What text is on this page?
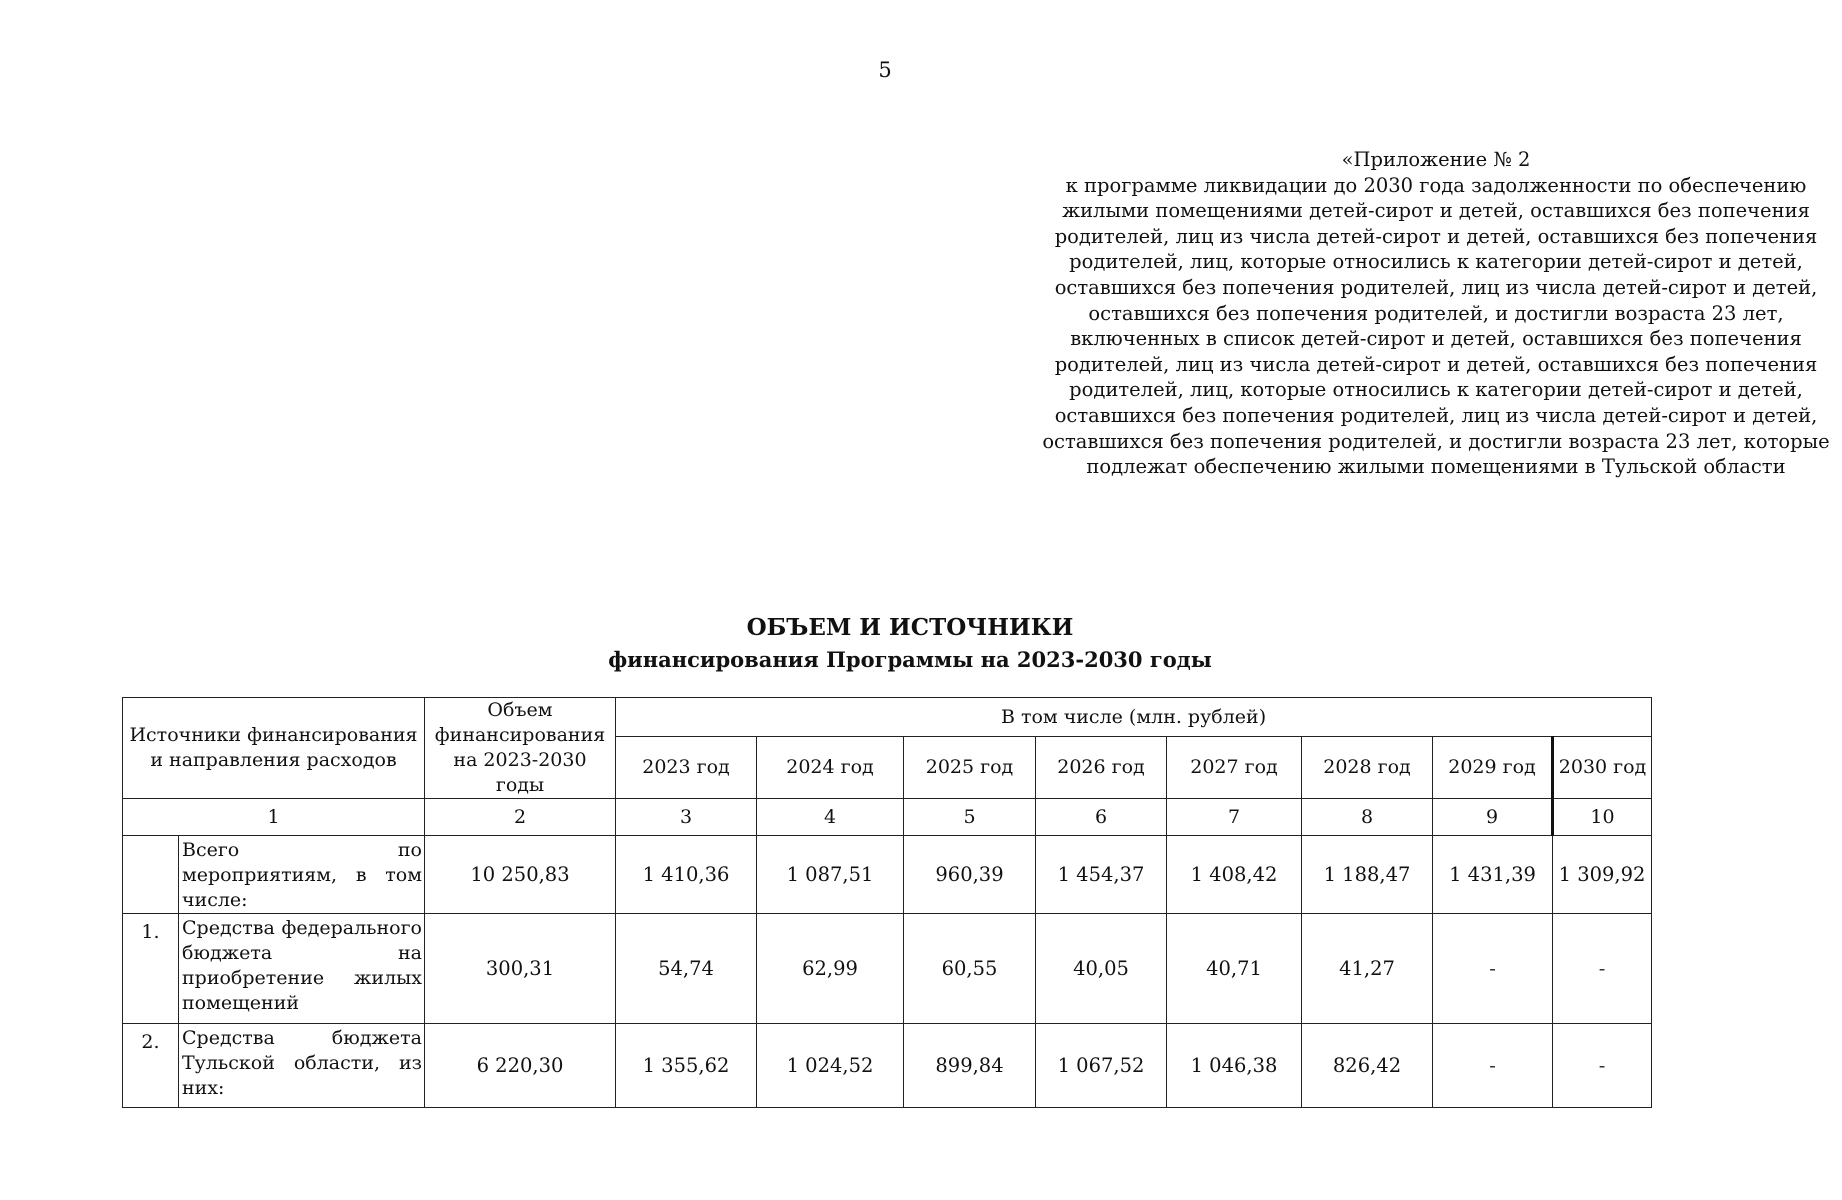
5
«Приложение № 2
к программе ликвидации до 2030 года задолженности по обеспечению
жилыми помещениями детей-сирот и детей, оставшихся без попечения
родителей, лиц из числа детей-сирот и детей, оставшихся без попечения
родителей, лиц, которые относились к категории детей-сирот и детей,
оставшихся без попечения родителей, лиц из числа детей-сирот и детей,
оставшихся без попечения родителей, и достигли возраста 23 лет,
включенных в список детей-сирот и детей, оставшихся без попечения
родителей, лиц из числа детей-сирот и детей, оставшихся без попечения
родителей, лиц, которые относились к категории детей-сирот и детей,
оставшихся без попечения родителей, лиц из числа детей-сирот и детей,
оставшихся без попечения родителей, и достигли возраста 23 лет, которые
подлежат обеспечению жилыми помещениями в Тульской области
ОБЪЕМ И ИСТОЧНИКИ
финансирования Программы на 2023-2030 годы
Источники финансирования и направления расходов		Объем финансирования на 2023-2030 годы	В том числе (млн. рублей)							
			2023 год	2024 год	2025 год	2026 год	2027 год	2028 год	2029 год	2030 год
1		2	3	4	5	6	7	8	9	10
	Всего по мероприятиям, в том числе:	10 250,83	1 410,36	1 087,51	960,39	1 454,37	1 408,42	1 188,47	1 431,39	1 309,92
1.	Средства федерального бюджета на приобретение жилых помещений	300,31	54,74	62,99	60,55	40,05	40,71	41,27	-	-
2.	Средства бюджета Тульской области, из них:	6 220,30	1 355,62	1 024,52	899,84	1 067,52	1 046,38	826,42	-	-
